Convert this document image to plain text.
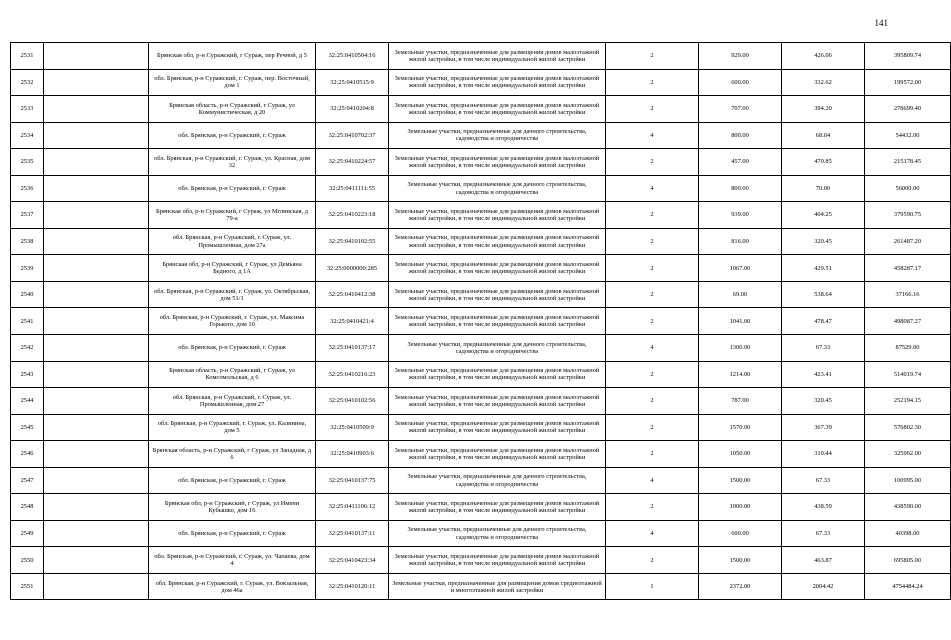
141
2531		Брянская обл, р-н Суражский, г Сураж, пер Речной, д 5	32:25:0410504:16	Земельные участки, предназначенные для размещения домов малоэтажной жилой застройки, в том числе индивидуальной жилой застройки	2	929.00	426.06	395809.74
2532		обл. Брянская, р-н Суражский, г. Сураж, пер. Восточный, дом 1	32:25:0410515:9	Земельные участки, предназначенные для размещения домов малоэтажной жилой застройки, в том числе индивидуальной жилой застройки	2	600.00	332.62	199572.00
2533		Брянская область, р-н Суражский, г Сураж, ул Коммунистическая, д 20	32:25:0410204:8	Земельные участки, предназначенные для размещения домов малоэтажной жилой застройки, в том числе индивидуальной жилой застройки	2	707.00	394.20	278699.40
2534		обл. Брянская, р-н Суражский, г. Сураж	32:25:0410702:37	Земельные участки, предназначенные для дачного строительства, садоводства и огородничества	4	800.00	68.04	54432.00
2535		обл. Брянская, р-н Суражский, г. Сураж, ул. Красная, дом 32	32:25:0410224:57	Земельные участки, предназначенные для размещения домов малоэтажной жилой застройки, в том числе индивидуальной жилой застройки	2	457.00	470.85	215178.45
2536		обл. Брянская, р-н Суражский, г. Сураж	32:25:0411111:55	Земельные участки, предназначенные для дачного строительства, садоводства и огородничества	4	800.00	70.00	56000.00
2537		Брянская обл, р-н Суражский, г Сураж, ул Мглинская, д 79-а	32:25:0410223:18	Земельные участки, предназначенные для размещения домов малоэтажной жилой застройки, в том числе индивидуальной жилой застройки	2	939.00	404.25	379590.75
2538		обл. Брянская, р-н Суражский, г. Сураж, ул. Промышленная, дом 27а	32:25:0410102:55	Земельные участки, предназначенные для размещения домов малоэтажной жилой застройки, в том числе индивидуальной жилой застройки	2	816.00	320.45	261487.20
2539		Брянская обл, р-н Суражский, г Сураж, ул Демьяна Бедного, д 1А	32:25:0000000:285	Земельные участки, предназначенные для размещения домов малоэтажной жилой застройки, в том числе индивидуальной жилой застройки	2	1067.00	429.51	458287.17
2540		обл. Брянская, р-н Суражский, г. Сураж, ул. Октябрьская, дом 51/1	32:25:0410412:38	Земельные участки, предназначенные для размещения домов малоэтажной жилой застройки, в том числе индивидуальной жилой застройки	2	69.00	538.64	37166.16
2541		обл. Брянская, р-н Суражский, г. Сураж, ул. Максима Горького, дом 10	32:25:0410421:4	Земельные участки, предназначенные для размещения домов малоэтажной жилой застройки, в том числе индивидуальной жилой застройки	2	1041.00	478.47	498087.27
2542		обл. Брянская, р-н Суражский, г. Сураж	32:25:0410137:17	Земельные участки, предназначенные для дачного строительства, садоводства и огородничества	4	1300.00	67.33	87529.00
2543		Брянская область, р-н Суражский, г Сураж, ул Комсомольская, д 6	32:25:0410216:23	Земельные участки, предназначенные для размещения домов малоэтажной жилой застройки, в том числе индивидуальной жилой застройки	2	1214.00	423.41	514019.74
2544		обл. Брянская, р-н Суражский, г. Сураж, ул. Промышленная, дом 27	32:25:0410102:56	Земельные участки, предназначенные для размещения домов малоэтажной жилой застройки, в том числе индивидуальной жилой застройки	2	787.00	320.45	252194.15
2545		обл. Брянская, р-н Суражский, г. Сураж, ул. Калинина, дом 5	32:25:0410509:9	Земельные участки, предназначенные для размещения домов малоэтажной жилой застройки, в том числе индивидуальной жилой застройки	2	1570.00	367.39	576802.30
2546		Брянская область, р-н Суражский, г Сураж, ул Западная, д 6	32:25:0410903:6	Земельные участки, предназначенные для размещения домов малоэтажной жилой застройки, в том числе индивидуальной жилой застройки	2	1050.00	310.44	325962.00
2547		обл. Брянская, р-н Суражский, г. Сураж	32:25:0410137:75	Земельные участки, предназначенные для дачного строительства, садоводства и огородничества	4	1500.00	67.33	100995.00
2548		Брянская обл, р-н Суражский, г Сураж, ул Имени Кубышко, дом 16	32:25:0411106:12	Земельные участки, предназначенные для размещения домов малоэтажной жилой застройки, в том числе индивидуальной жилой застройки	2	1000.00	438.59	438590.00
2549		обл. Брянская, р-н Суражский, г. Сураж	32:25:0410137:11	Земельные участки, предназначенные для дачного строительства, садоводства и огородничества	4	600.00	67.33	40398.00
2550		обл. Брянская, р-н Суражский, г. Сураж, ул. Чапаева, дом 4	32:25:0410423:34	Земельные участки, предназначенные для размещения домов малоэтажной жилой застройки, в том числе индивидуальной жилой застройки	2	1500.00	463.87	695805.00
2551		обл. Брянская, р-н Суражский, г. Сураж, ул. Вокзальная, дом 46а	32:25:0410120:11	Земельные участки, предназначенные для размещения домов среднеэтажной и многоэтажной жилой застройки	1	2372.00	2004.42	4754484.24
